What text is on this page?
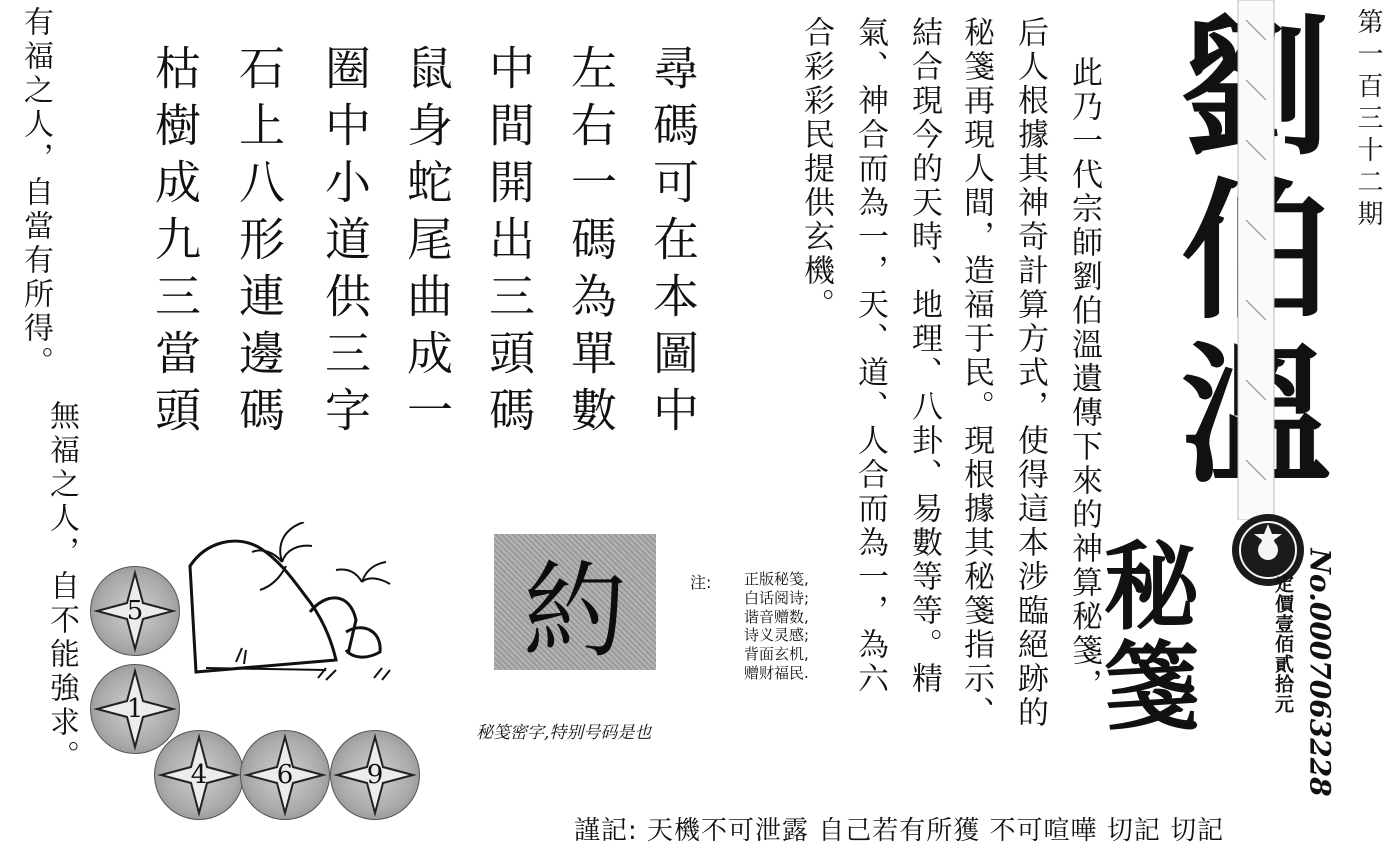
有福之人，自當有所得。
無福之人，自不能強求。
尋碼可在本圖中
左右一碼為單數
中間開出三頭碼
鼠身蛇尾曲成一
圈中小道供三字
石上八形連邊碼
枯樹成九三當頭	此乃一代宗師劉伯溫遺傳下來的神算秘箋，
后人根據其神奇計算方式，使得這本涉臨絕跡的
秘箋再現人間，造福于民。現根據其秘箋指示、
結合現今的天時、地理、八卦、易數等等。精
氣、神合而為一，天、道、人合而為一，為六
合彩彩民提供玄機。
秘箋	定價壹佰貳拾元 No.0007063228
第一百三十二期
約	注: 正版秘笺,
白话阅诗;
谐音赠数,
诗义灵感;
背面玄机,
赠财福民.
秘笺密字,特别号码是也
5
1
4	6	9
謹記: 天機不可泄露 自己若有所獲 不可喧嘩 切記 切記
